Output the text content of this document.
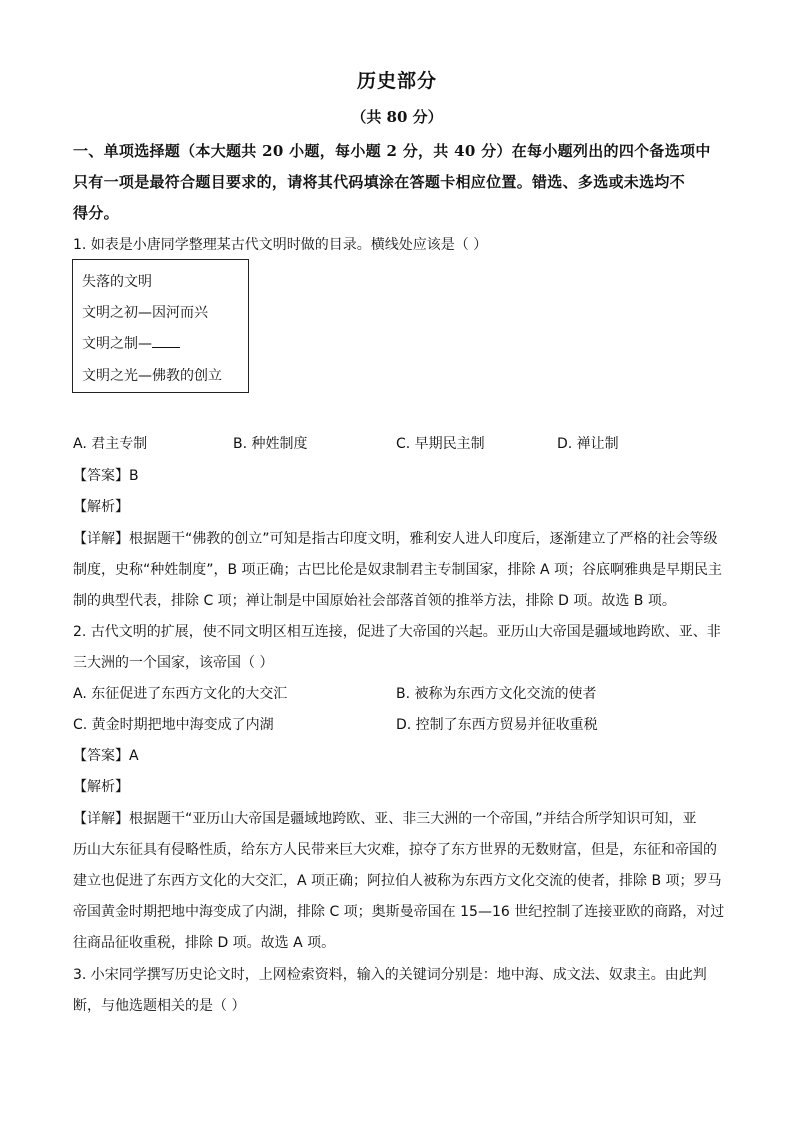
历史部分
（共 80 分）
一、单项选择题（本大题共 20 小题，每小题 2 分，共 40 分）在每小题列出的四个备选项中
只有一项是最符合题目要求的，请将其代码填涂在答题卡相应位置。错选、多选或未选均不
得分。
1. 如表是小唐同学整理某古代文明时做的目录。横线处应该是（ ）
失落的文明
文明之初—因河而兴
文明之制—
文明之光—佛教的创立
A. 君主专制	B. 种姓制度	C. 早期民主制	D. 禅让制
【答案】B
【解析】
【详解】根据题干“佛教的创立”可知是指古印度文明，雅利安人进人印度后，逐渐建立了严格的社会等级
制度，史称“种姓制度”，B 项正确；古巴比伦是奴隶制君主专制国家，排除 A 项；谷底啊雅典是早期民主
制的典型代表，排除 C 项；禅让制是中国原始社会部落首领的推举方法，排除 D 项。故选 B 项。
2. 古代文明的扩展，使不同文明区相互连接，促进了大帝国的兴起。亚历山大帝国是疆域地跨欧、亚、非
三大洲的一个国家，该帝国（ ）
A. 东征促进了东西方文化的大交汇	B. 被称为东西方文化交流的使者
C. 黄金时期把地中海变成了内湖	D. 控制了东西方贸易并征收重税
【答案】A
【解析】
【详解】根据题干“亚历山大帝国是疆域地跨欧、亚、非三大洲的一个帝国，”并结合所学知识可知，亚
历山大东征具有侵略性质，给东方人民带来巨大灾难，掠夺了东方世界的无数财富，但是，东征和帝国的
建立也促进了东西方文化的大交汇，A 项正确；阿拉伯人被称为东西方文化交流的使者，排除 B 项；罗马
帝国黄金时期把地中海变成了内湖，排除 C 项；奥斯曼帝国在 15—16 世纪控制了连接亚欧的商路，对过
往商品征收重税，排除 D 项。故选 A 项。
3. 小宋同学撰写历史论文时，上网检索资料，输入的关键词分别是：地中海、成文法、奴隶主。由此判
断，与他选题相关的是（ ）
